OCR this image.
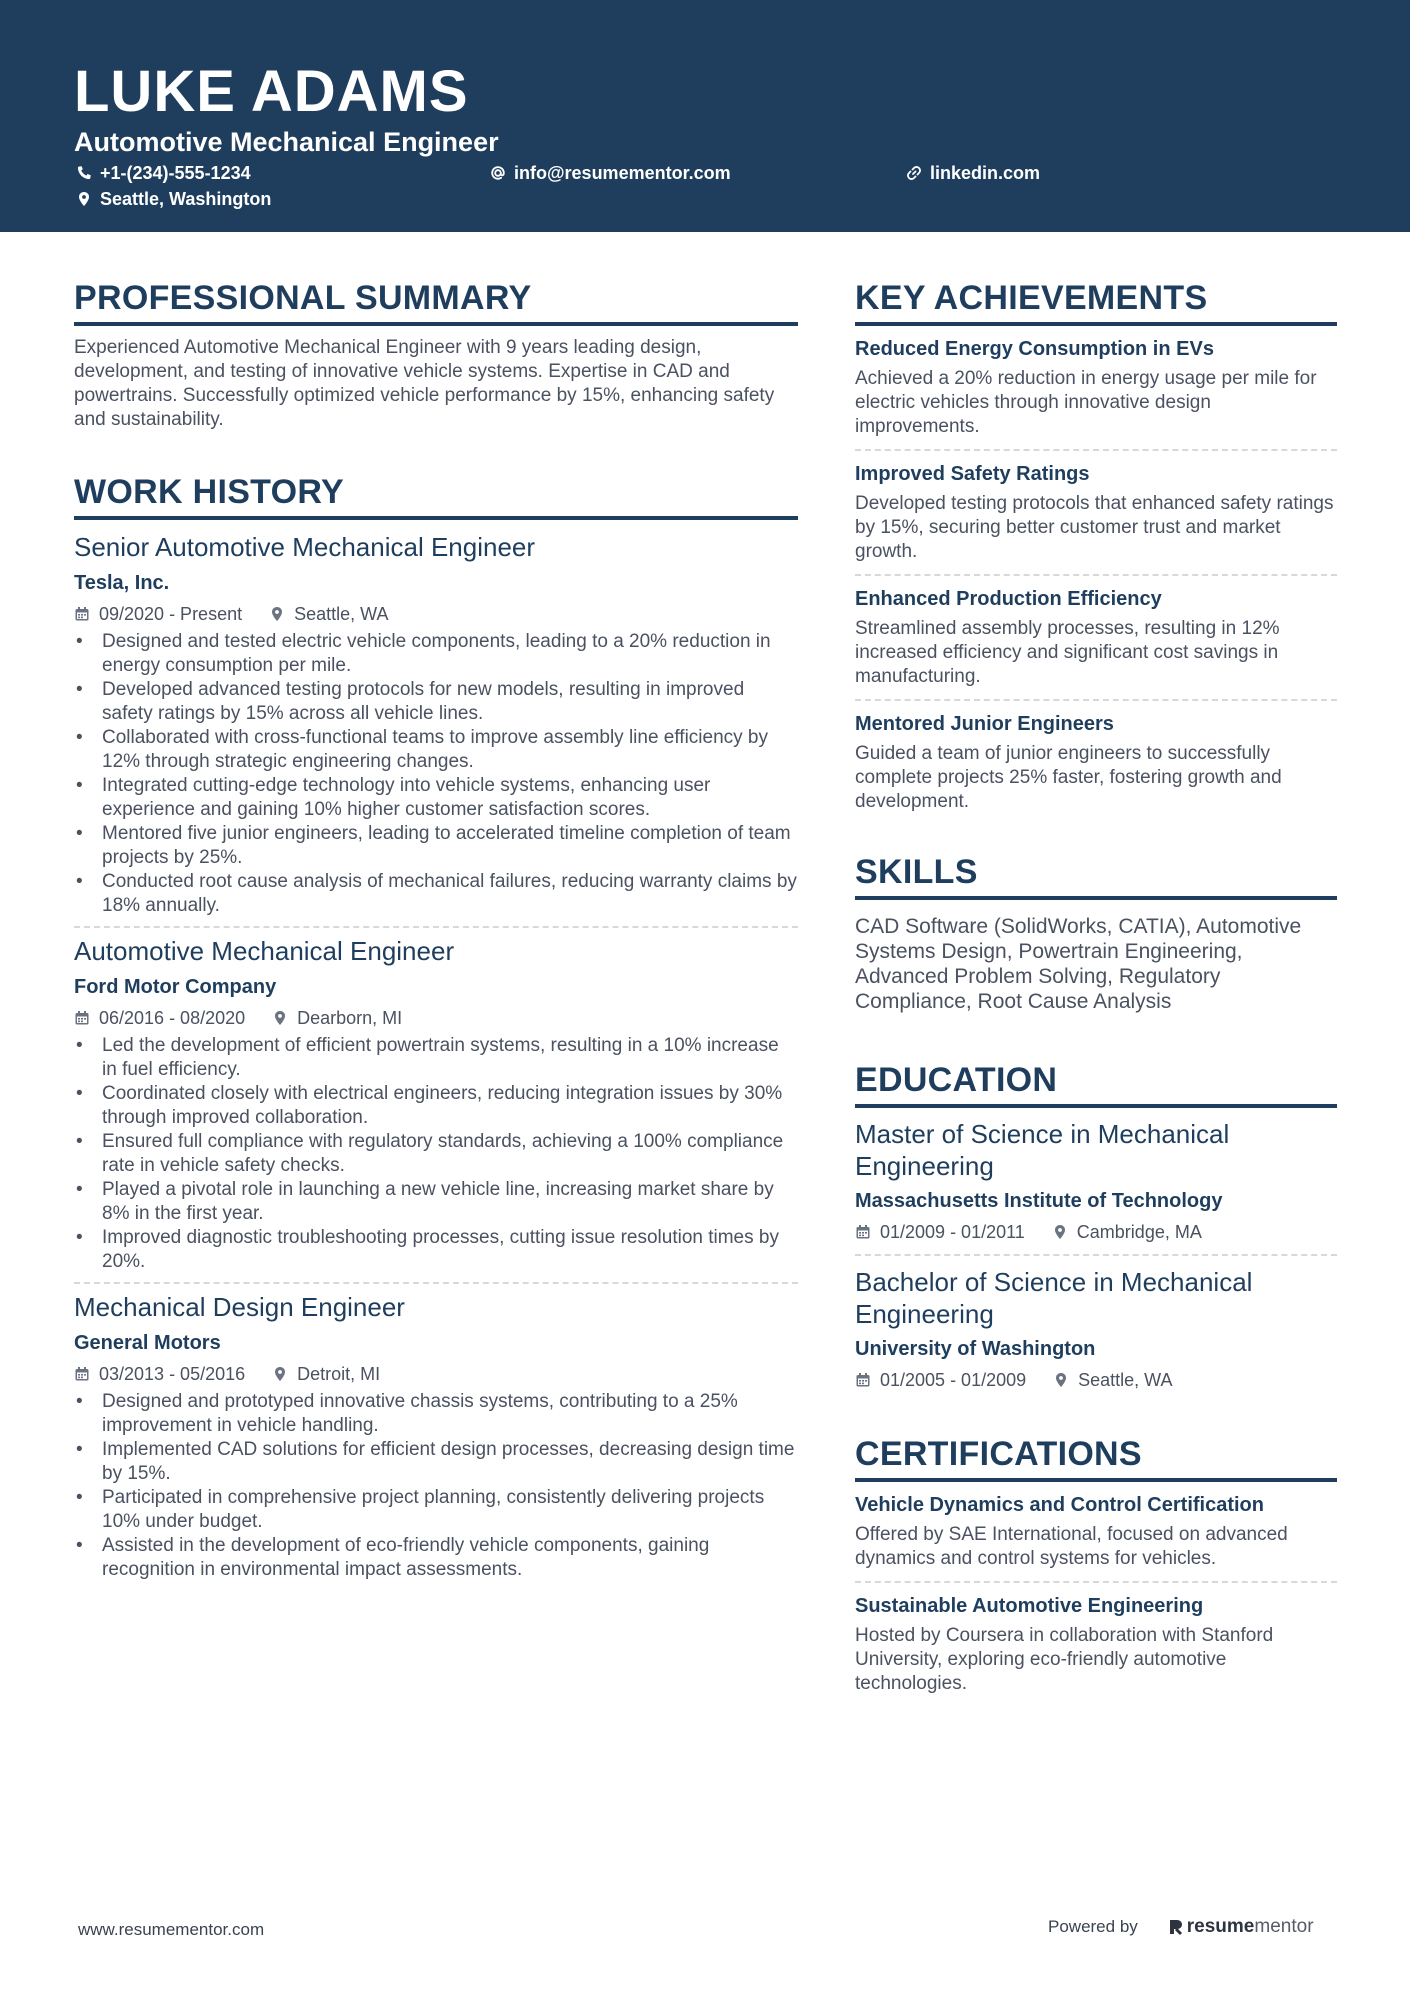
LUKE ADAMS
Automotive Mechanical Engineer
+1-(234)-555-1234	info@resumementor.com	linkedin.com
Seattle, Washington
PROFESSIONAL SUMMARY
Experienced Automotive Mechanical Engineer with 9 years leading design, development, and testing of innovative vehicle systems. Expertise in CAD and powertrains. Successfully optimized vehicle performance by 15%, enhancing safety and sustainability.
WORK HISTORY
Senior Automotive Mechanical Engineer
Tesla, Inc.
09/2020 - Present	Seattle, WA
• Designed and tested electric vehicle components, leading to a 20% reduction in energy consumption per mile.
• Developed advanced testing protocols for new models, resulting in improved safety ratings by 15% across all vehicle lines.
• Collaborated with cross-functional teams to improve assembly line efficiency by 12% through strategic engineering changes.
• Integrated cutting-edge technology into vehicle systems, enhancing user experience and gaining 10% higher customer satisfaction scores.
• Mentored five junior engineers, leading to accelerated timeline completion of team projects by 25%.
• Conducted root cause analysis of mechanical failures, reducing warranty claims by 18% annually.
Automotive Mechanical Engineer
Ford Motor Company
06/2016 - 08/2020	Dearborn, MI
• Led the development of efficient powertrain systems, resulting in a 10% increase in fuel efficiency.
• Coordinated closely with electrical engineers, reducing integration issues by 30% through improved collaboration.
• Ensured full compliance with regulatory standards, achieving a 100% compliance rate in vehicle safety checks.
• Played a pivotal role in launching a new vehicle line, increasing market share by 8% in the first year.
• Improved diagnostic troubleshooting processes, cutting issue resolution times by 20%.
Mechanical Design Engineer
General Motors
03/2013 - 05/2016	Detroit, MI
• Designed and prototyped innovative chassis systems, contributing to a 25% improvement in vehicle handling.
• Implemented CAD solutions for efficient design processes, decreasing design time by 15%.
• Participated in comprehensive project planning, consistently delivering projects 10% under budget.
• Assisted in the development of eco-friendly vehicle components, gaining recognition in environmental impact assessments.
KEY ACHIEVEMENTS
Reduced Energy Consumption in EVs
Achieved a 20% reduction in energy usage per mile for electric vehicles through innovative design improvements.
Improved Safety Ratings
Developed testing protocols that enhanced safety ratings by 15%, securing better customer trust and market growth.
Enhanced Production Efficiency
Streamlined assembly processes, resulting in 12% increased efficiency and significant cost savings in manufacturing.
Mentored Junior Engineers
Guided a team of junior engineers to successfully complete projects 25% faster, fostering growth and development.
SKILLS
CAD Software (SolidWorks, CATIA), Automotive Systems Design, Powertrain Engineering, Advanced Problem Solving, Regulatory Compliance, Root Cause Analysis
EDUCATION
Master of Science in Mechanical Engineering
Massachusetts Institute of Technology
01/2009 - 01/2011	Cambridge, MA
Bachelor of Science in Mechanical Engineering
University of Washington
01/2005 - 01/2009	Seattle, WA
CERTIFICATIONS
Vehicle Dynamics and Control Certification
Offered by SAE International, focused on advanced dynamics and control systems for vehicles.
Sustainable Automotive Engineering
Hosted by Coursera in collaboration with Stanford University, exploring eco-friendly automotive technologies.
www.resumementor.com	Powered by	resume mentor
